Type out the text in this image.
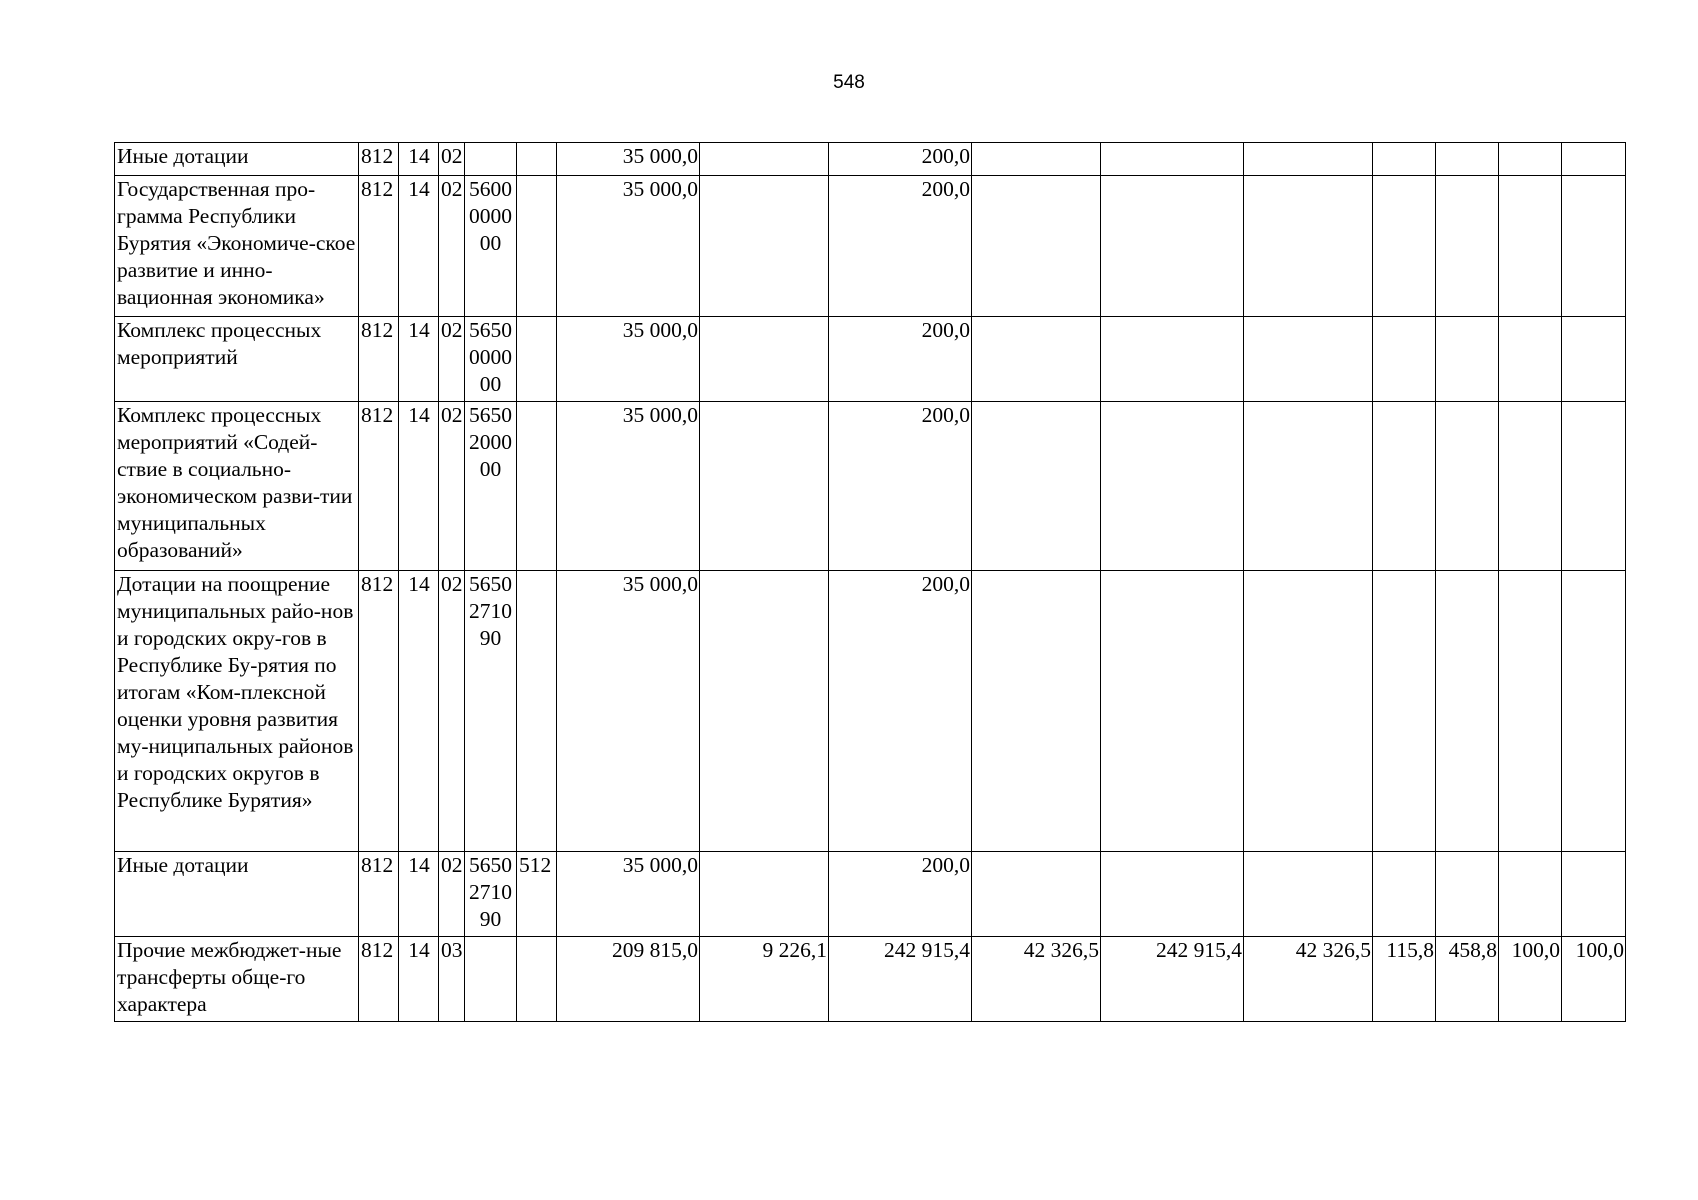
548
Иные дотации	812	14	02			35 000,0		200,0							
Государственная про-грамма Республики Бурятия «Экономиче-ское развитие и инно-вационная экономика»	812	14	02	5600000000		35 000,0		200,0							
Комплекс процессных мероприятий	812	14	02	5650000000		35 000,0		200,0							
Комплекс процессных мероприятий «Содей-ствие в социально-экономическом разви-тии муниципальных образований»	812	14	02	5650200000		35 000,0		200,0							
Дотации на поощрение муниципальных райо-нов и городских окру-гов в Республике Бу-рятия по итогам «Ком-плексной оценки уровня развития му-ниципальных районов и городских округов в Республике Бурятия»	812	14	02	5650271090		35 000,0		200,0							
Иные дотации	812	14	02	5650271090	512	35 000,0		200,0							
Прочие межбюджет-ные трансферты обще-го характера	812	14	03			209 815,0	9 226,1	242 915,4	42 326,5	242 915,4	42 326,5	115,8	458,8	100,0	100,0
